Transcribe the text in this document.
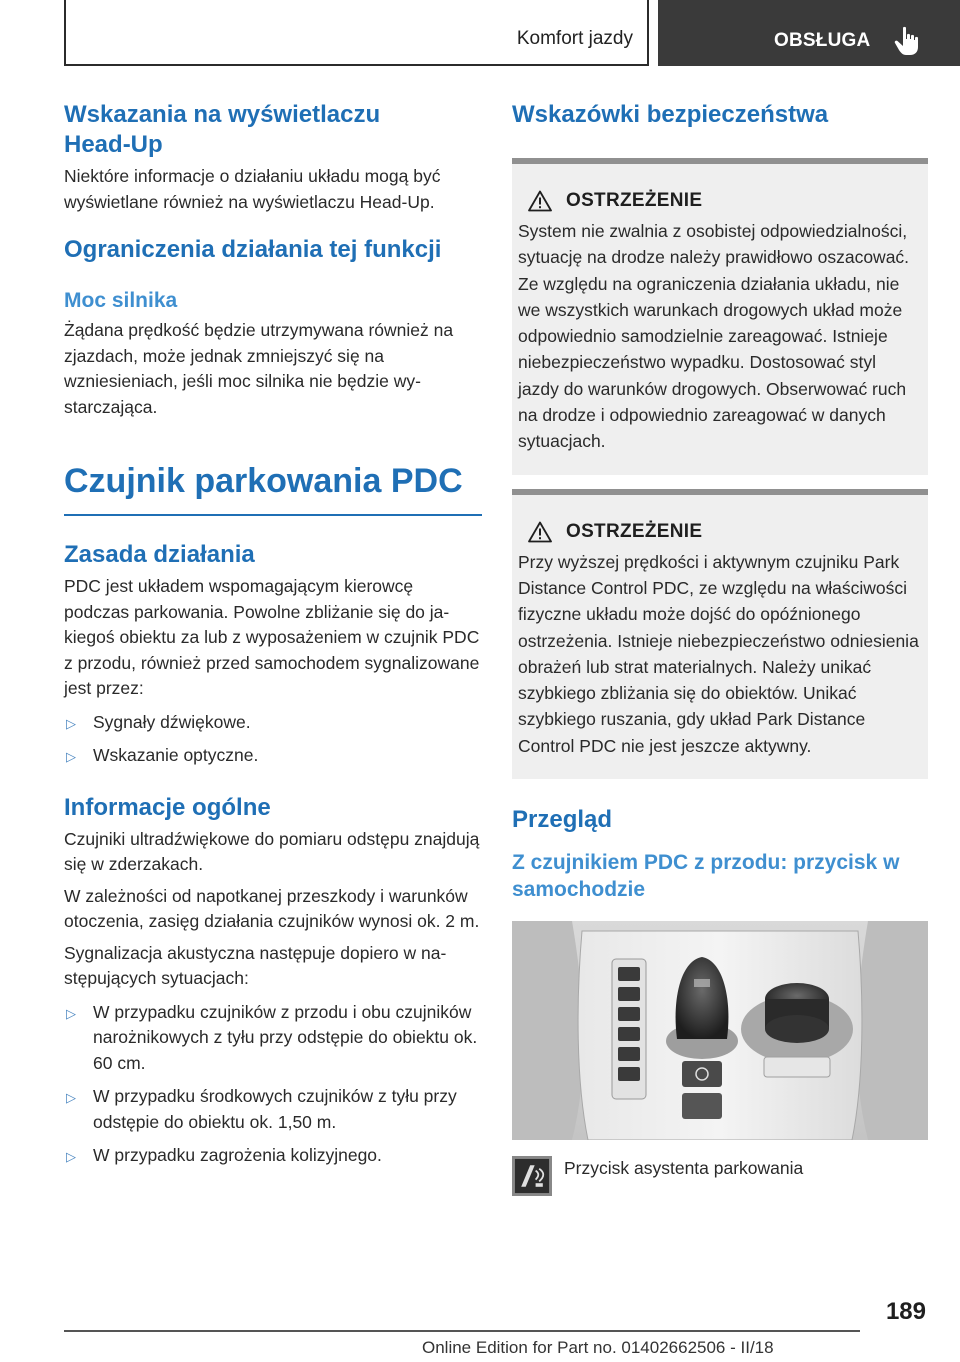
Komfort jazdy	OBSŁUGA
Wskazania na wyświetlaczu Head-Up

Niektóre informacje o działaniu układu mogą być wyświetlane również na wyświetlaczu Head-Up.

Ograniczenia działania tej funkcji
Moc silnika

Żądana prędkość będzie utrzymywana również na zjazdach, może jednak zmniejszyć się na wzniesieniach, jeśli moc silnika nie będzie wystarczająca.

Czujnik parkowania PDC
Zasada działania

PDC jest układem wspomagającym kierowcę podczas parkowania. Powolne zbliżanie się do jakiegoś obiektu za lub z wyposażeniem w czujnik PDC z przodu, również przed samochodem sygnalizowane jest przez:

▷ Sygnały dźwiękowe.
▷ Wskazanie optyczne.
Informacje ogólne

Czujniki ultradźwiękowe do pomiaru odstępu znajdują się w zderzakach.

W zależności od napotkanej przeszkody i warunków otoczenia, zasięg działania czujników wynosi ok. 2 m.

Sygnalizacja akustyczna następuje dopiero w następujących sytuacjach:

▷ W przypadku czujników z przodu i obu czujników narożnikowych z tyłu przy odstępie do obiektu ok. 60 cm.
▷ W przypadku środkowych czujników z tyłu przy odstępie do obiektu ok. 1,50 m.
▷ W przypadku zagrożenia kolizyjnego.
Wskazówki bezpieczeństwa
OSTRZEŻENIE

System nie zwalnia z osobistej odpowiedzialności, sytuację na drodze należy prawidłowo oszacować. Ze względu na ograniczenia działania układu, nie we wszystkich warunkach drogowych układ może odpowiednio samodzielnie zareagować. Istnieje niebezpieczeństwo wypadku. Dostosować styl jazdy do warunków drogowych. Obserwować ruch na drodze i odpowiednio zareagować w danych sytuacjach.

OSTRZEŻENIE

Przy wyższej prędkości i aktywnym czujniku Park Distance Control PDC, ze względu na właściwości fizyczne układu może dojść do opóźnionego ostrzeżenia. Istnieje niebezpieczeństwo odniesienia obrażeń lub strat materialnych. Należy unikać szybkiego zbliżania się do obiektów. Unikać szybkiego ruszania, gdy układ Park Distance Control PDC nie jest jeszcze aktywny.

Przegląd
Z czujnikiem PDC z przodu: przycisk w samochodzie
Przycisk asystenta parkowania
189
Online Edition for Part no. 01402662506 - II/18
